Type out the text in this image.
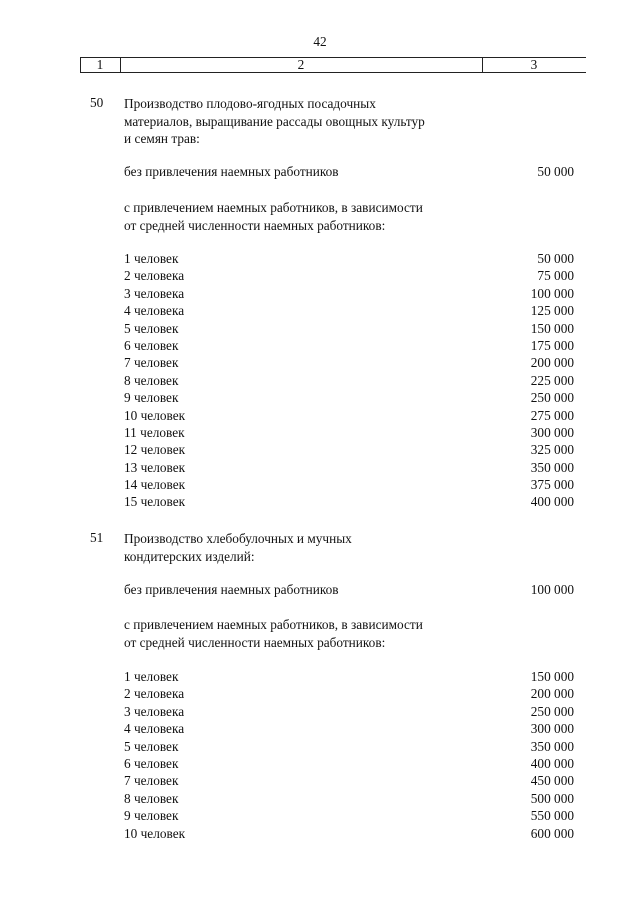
42
1	2	3
50 Производство плодово-ягодных посадочных
материалов, выращивание рассады овощных культур
и семян трав:
без привлечения наемных работников	50 000
с привлечением наемных работников, в зависимости
от средней численности наемных работников:
1 человек	50 000
2 человека	75 000
3 человека	100 000
4 человека	125 000
5 человек	150 000
6 человек	175 000
7 человек	200 000
8 человек	225 000
9 человек	250 000
10 человек	275 000
11 человек	300 000
12 человек	325 000
13 человек	350 000
14 человек	375 000
15 человек	400 000
51 Производство хлебобулочных и мучных
кондитерских изделий:
без привлечения наемных работников	100 000
с привлечением наемных работников, в зависимости
от средней численности наемных работников:
1 человек	150 000
2 человека	200 000
3 человека	250 000
4 человека	300 000
5 человек	350 000
6 человек	400 000
7 человек	450 000
8 человек	500 000
9 человек	550 000
10 человек	600 000
